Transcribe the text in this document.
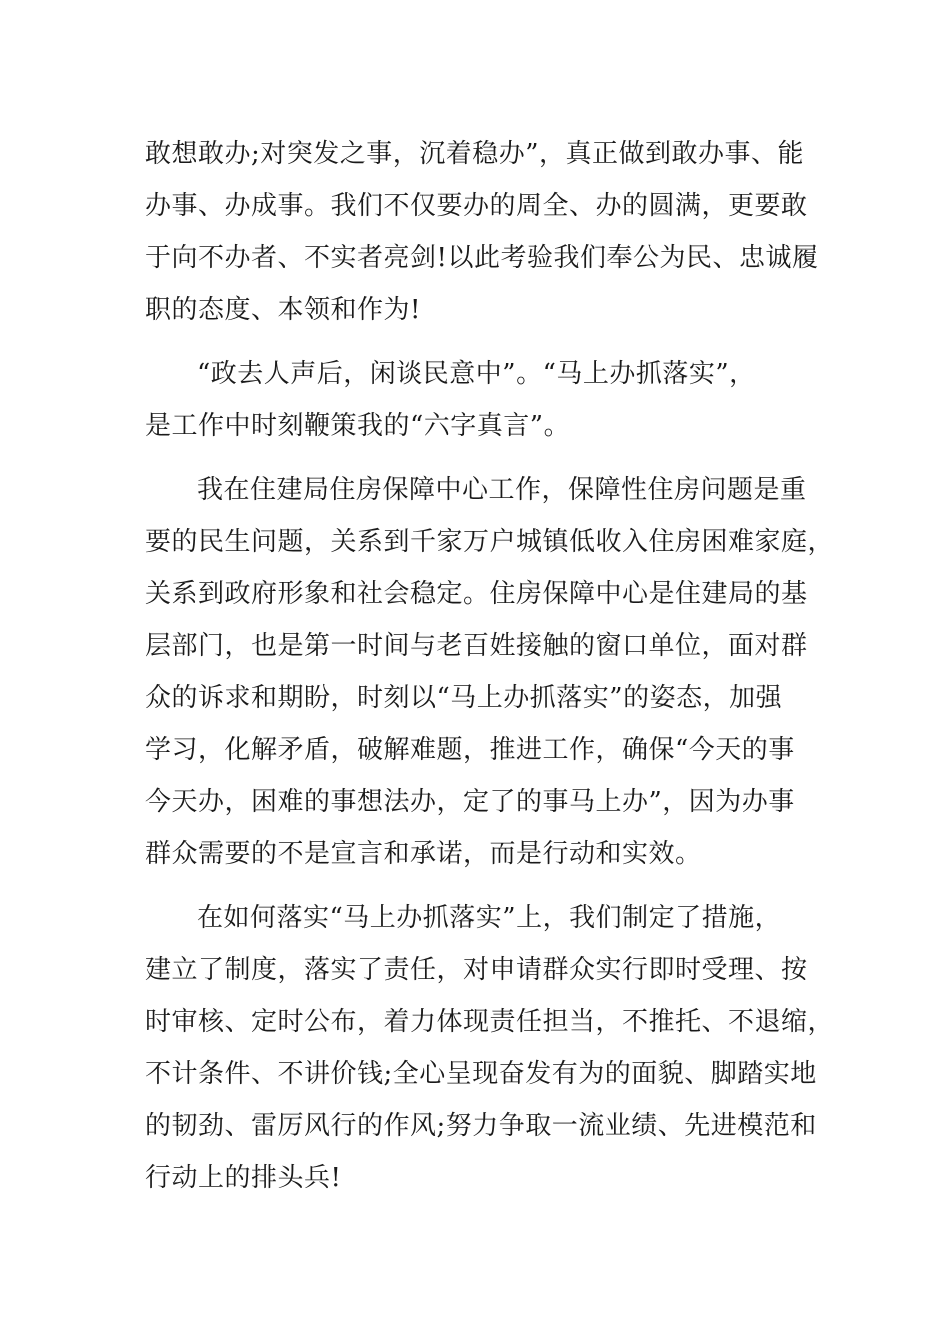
敢想敢办;对突发之事，沉着稳办”，真正做到敢办事、能
办事、办成事。我们不仅要办的周全、办的圆满，更要敢
于向不办者、不实者亮剑!以此考验我们奉公为民、忠诚履
职的态度、本领和作为!
“政去人声后，闲谈民意中”。“马上办抓落实”，
是工作中时刻鞭策我的“六字真言”。
我在住建局住房保障中心工作，保障性住房问题是重
要的民生问题，关系到千家万户城镇低收入住房困难家庭，
关系到政府形象和社会稳定。住房保障中心是住建局的基
层部门，也是第一时间与老百姓接触的窗口单位，面对群
众的诉求和期盼，时刻以“马上办抓落实”的姿态，加强
学习，化解矛盾，破解难题，推进工作，确保“今天的事
今天办，困难的事想法办，定了的事马上办”，因为办事
群众需要的不是宣言和承诺，而是行动和实效。
在如何落实“马上办抓落实”上，我们制定了措施，
建立了制度，落实了责任，对申请群众实行即时受理、按
时审核、定时公布，着力体现责任担当，不推托、不退缩，
不计条件、不讲价钱;全心呈现奋发有为的面貌、脚踏实地
的韧劲、雷厉风行的作风;努力争取一流业绩、先进模范和
行动上的排头兵!
